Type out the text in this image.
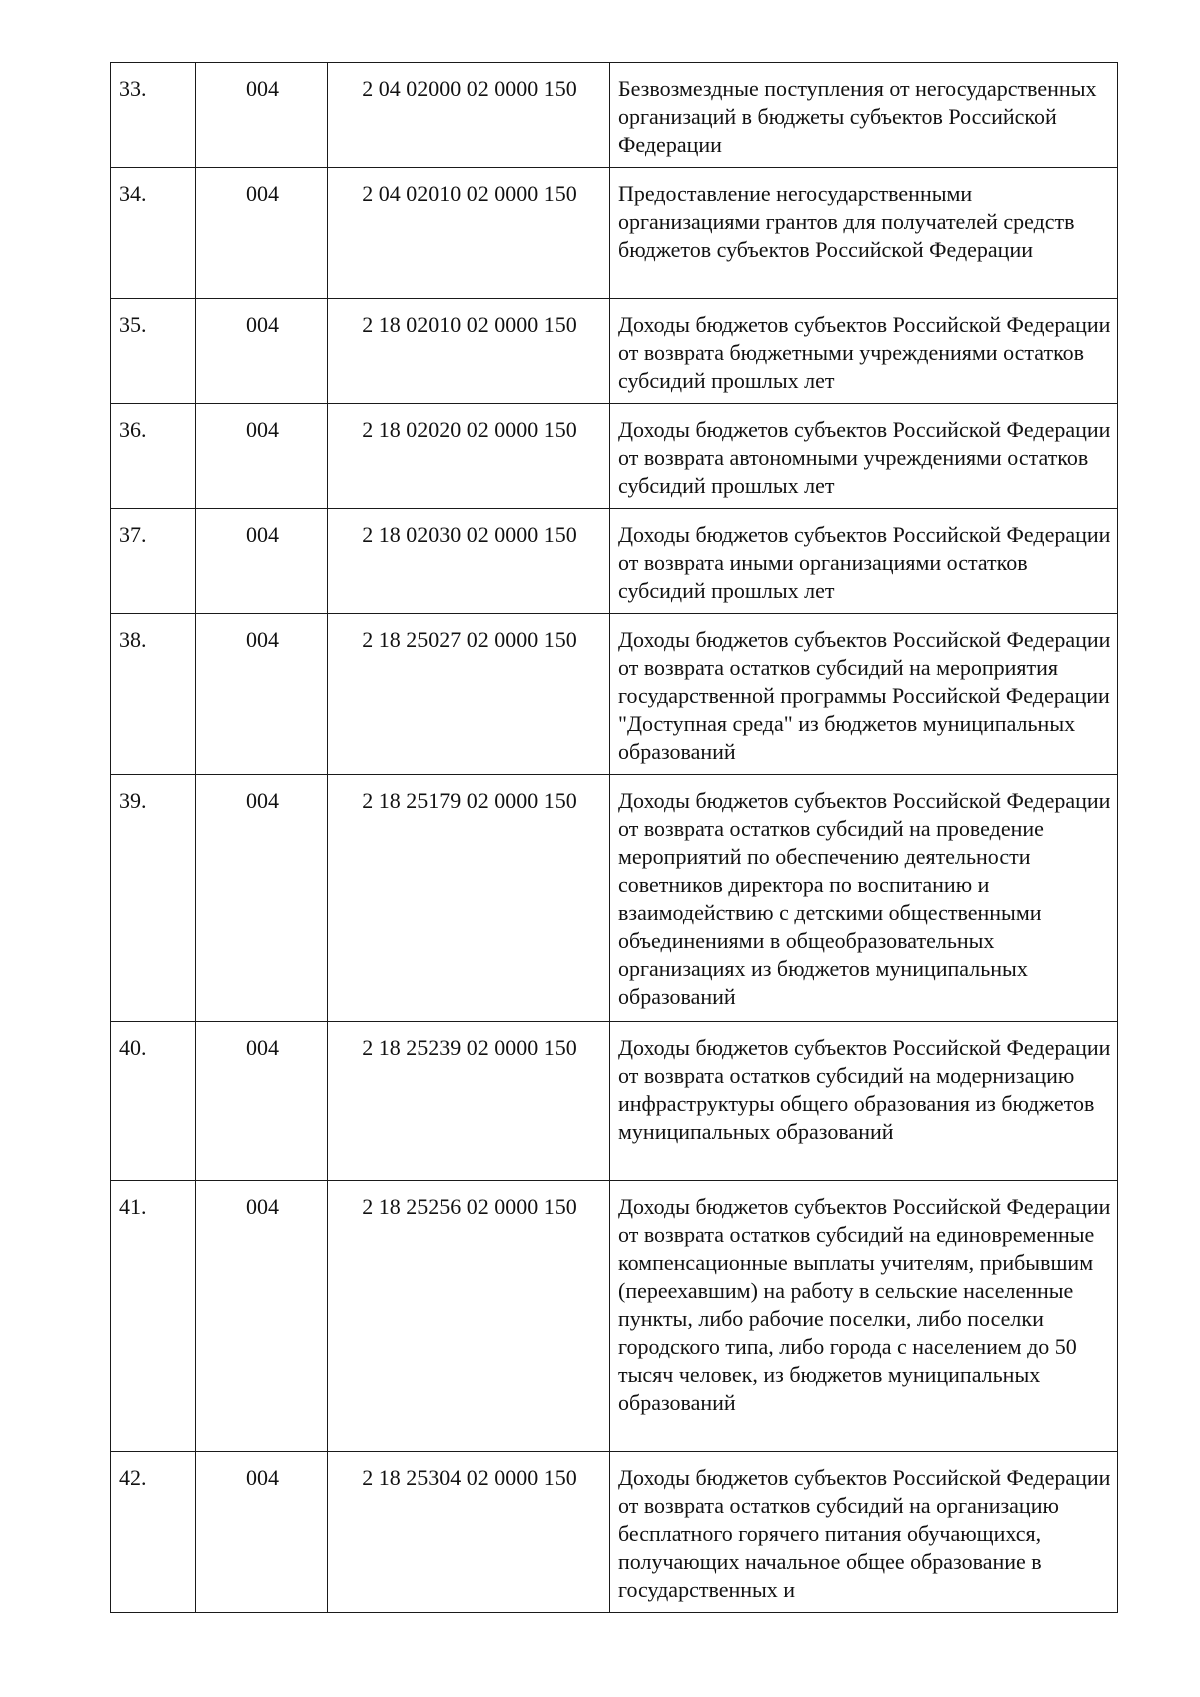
33.	004	2 04 02000 02 0000 150	Безвозмездные поступления от негосударственных организаций в бюджеты субъектов Российской Федерации
34.	004	2 04 02010 02 0000 150	Предоставление негосударственными организациями грантов для получателей средств бюджетов субъектов Российской Федерации
35.	004	2 18 02010 02 0000 150	Доходы бюджетов субъектов Российской Федерации от возврата бюджетными учреждениями остатков субсидий прошлых лет
36.	004	2 18 02020 02 0000 150	Доходы бюджетов субъектов Российской Федерации от возврата автономными учреждениями остатков субсидий прошлых лет
37.	004	2 18 02030 02 0000 150	Доходы бюджетов субъектов Российской Федерации от возврата иными организациями остатков субсидий прошлых лет
38.	004	2 18 25027 02 0000 150	Доходы бюджетов субъектов Российской Федерации от возврата остатков субсидий на мероприятия государственной программы Российской Федерации "Доступная среда" из бюджетов муниципальных образований
39.	004	2 18 25179 02 0000 150	Доходы бюджетов субъектов Российской Федерации от возврата остатков субсидий на проведение мероприятий по обеспечению деятельности советников директора по воспитанию и взаимодействию с детскими общественными объединениями в общеобразовательных организациях из бюджетов муниципальных образований
40.	004	2 18 25239 02 0000 150	Доходы бюджетов субъектов Российской Федерации от возврата остатков субсидий на модернизацию инфраструктуры общего образования из бюджетов муниципальных образований
41.	004	2 18 25256 02 0000 150	Доходы бюджетов субъектов Российской Федерации от возврата остатков субсидий на единовременные компенсационные выплаты учителям, прибывшим (переехавшим) на работу в сельские населенные пункты, либо рабочие поселки, либо поселки городского типа, либо города с населением до 50 тысяч человек, из бюджетов муниципальных образований
42.	004	2 18 25304 02 0000 150	Доходы бюджетов субъектов Российской Федерации от возврата остатков субсидий на организацию бесплатного горячего питания обучающихся, получающих начальное общее образование в государственных и
